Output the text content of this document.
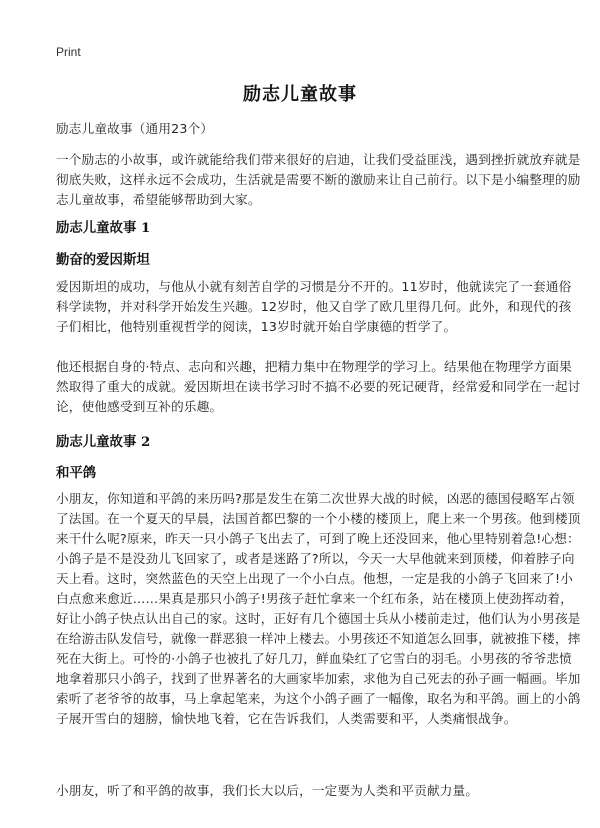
Print
励志儿童故事
励志儿童故事（通用23个）
一个励志的小故事，或许就能给我们带来很好的启迪，让我们受益匪浅，遇到挫折就放弃就是彻底失败，这样永远不会成功，生活就是需要不断的激励来让自己前行。以下是小编整理的励志儿童故事，希望能够帮助到大家。
励志儿童故事 1
勤奋的爱因斯坦
爱因斯坦的成功，与他从小就有刻苦自学的习惯是分不开的。11岁时，他就读完了一套通俗科学读物，并对科学开始发生兴趣。12岁时，他又自学了欧几里得几何。此外，和现代的孩子们相比，他特别重视哲学的阅读，13岁时就开始自学康德的哲学了。
他还根据自身的·特点、志向和兴趣，把精力集中在物理学的学习上。结果他在物理学方面果然取得了重大的成就。爱因斯坦在读书学习时不搞不必要的死记硬背，经常爱和同学在一起讨论，使他感受到互补的乐趣。
励志儿童故事 2
和平鸽
小朋友，你知道和平鸽的来历吗?那是发生在第二次世界大战的时候，凶恶的德国侵略军占领了法国。在一个夏天的早晨，法国首都巴黎的一个小楼的楼顶上，爬上来一个男孩。他到楼顶来干什么呢?原来，昨天一只小鸽子飞出去了，可到了晚上还没回来，他心里特别着急!心想：小鸽子是不是没劲儿飞回家了，或者是迷路了?所以，今天一大早他就来到顶楼，仰着脖子向天上看。这时，突然蓝色的天空上出现了一个小白点。他想，一定是我的小鸽子飞回来了!小白点愈来愈近……果真是那只小鸽子!男孩子赶忙拿来一个红布条，站在楼顶上使劲挥动着，好让小鸽子快点认出自己的家。这时，正好有几个德国士兵从小楼前走过，他们认为小男孩是在给游击队发信号，就像一群恶狼一样冲上楼去。小男孩还不知道怎么回事，就被推下楼，摔死在大街上。可怜的·小鸽子也被扎了好几刀，鲜血染红了它雪白的羽毛。小男孩的爷爷悲愤地拿着那只小鸽子，找到了世界著名的大画家毕加索，求他为自己死去的孙子画一幅画。毕加索听了老爷爷的故事，马上拿起笔来，为这个小鸽子画了一幅像，取名为和平鸽。画上的小鸽子展开雪白的翅膀，愉快地飞着，它在告诉我们，人类需要和平，人类痛恨战争。
小朋友，听了和平鸽的故事，我们长大以后，一定要为人类和平贡献力量。
